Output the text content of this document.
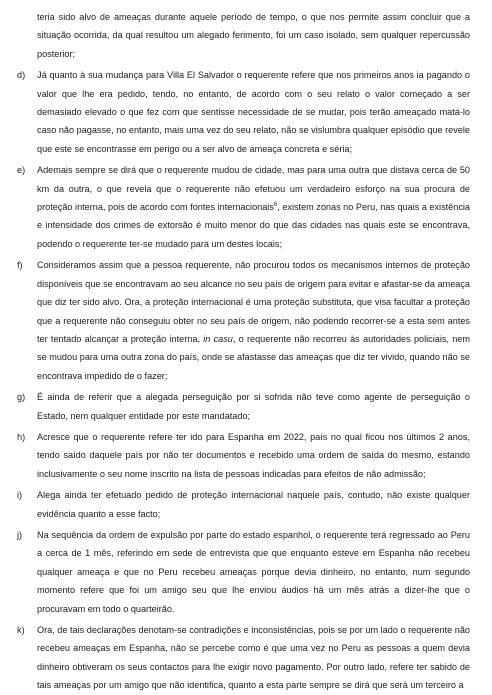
teria sido alvo de ameaças durante aquele período de tempo, o que nos permite assim concluir que a situação ocorrida, da qual resultou um alegado ferimento, foi um caso isolado, sem qualquer repercussão posterior;

d) Já quanto à sua mudança para Villa El Salvador o requerente refere que nos primeiros anos ia pagando o valor que lhe era pedido, tendo, no entanto, de acordo com o seu relato o valor começado a ser demasiado elevado o que fez com que sentisse necessidade de se mudar, pois terão ameaçado matá-lo caso não pagasse, no entanto, mais uma vez do seu relato, não se vislumbra qualquer episódio que revele que este se encontrasse em perigo ou a ser alvo de ameaça concreta e séria;

e) Ademais sempre se dirá que o requerente mudou de cidade, mas para uma outra que distava cerca de 50 km da outra, o que revela que o requerente não efetuou um verdadeiro esforço na sua procura de proteção interna, pois de acordo com fontes internacionais$^6$, existem zonas no Peru, nas quais a existência e intensidade dos crimes de extorsão é muito menor do que das cidades nas quais este se encontrava, podendo o requerente ter-se mudado para um destes locais;

f) Consideramos assim que a pessoa requerente, não procurou todos os mecanismos internos de proteção disponíveis que se encontravam ao seu alcance no seu país de origem para evitar e afastar-se da ameaça que diz ter sido alvo. Ora, a proteção internacional é uma proteção substituta, que visa facultar a proteção que a requerente não conseguiu obter no seu país de origem, não podendo recorrer-se a esta sem antes ter tentado alcançar a proteção interna, in casu, o requerente não recorreu às autoridades policiais, nem se mudou para uma outra zona do país, onde se afastasse das ameaças que diz ter vivido, quando não se encontrava impedido de o fazer;

g) É ainda de referir que a alegada perseguição por si sofrida não teve como agente de perseguição o Estado, nem qualquer entidade por este mandatado;

h) Acresce que o requerente refere ter ido para Espanha em 2022, país no qual ficou nos últimos 2 anos, tendo saído daquele país por não ter documentos e recebido uma ordem de saída do mesmo, estando inclusivamente o seu nome inscrito na lista de pessoas indicadas para efeitos de não admissão;

i) Alega ainda ter efetuado pedido de proteção internacional naquele país, contudo, não existe qualquer evidência quanto a esse facto;

j) Na sequência da ordem de expulsão por parte do estado espanhol, o requerente terá regressado ao Peru a cerca de 1 mês, referindo em sede de entrevista que que enquanto esteve em Espanha não recebeu qualquer ameaça e que no Peru recebeu ameaças porque devia dinheiro, no entanto, num segundo momento refere que foi um amigo seu que lhe enviou áudios há um mês atrás a dizer-lhe que o procuravam em todo o quarteirão.

k) Ora, de tais declarações denotam-se contradições e inconsistências, pois se por um lado o requerente não recebeu ameaças em Espanha, não se percebe como é que uma vez no Peru as pessoas a quem devia dinheiro obtiveram os seus contactos para lhe exigir novo pagamento. Por outro lado, refere ter sabido de tais ameaças por um amigo que não identifica, quanto a esta parte sempre se dirá que será um terceiro a
